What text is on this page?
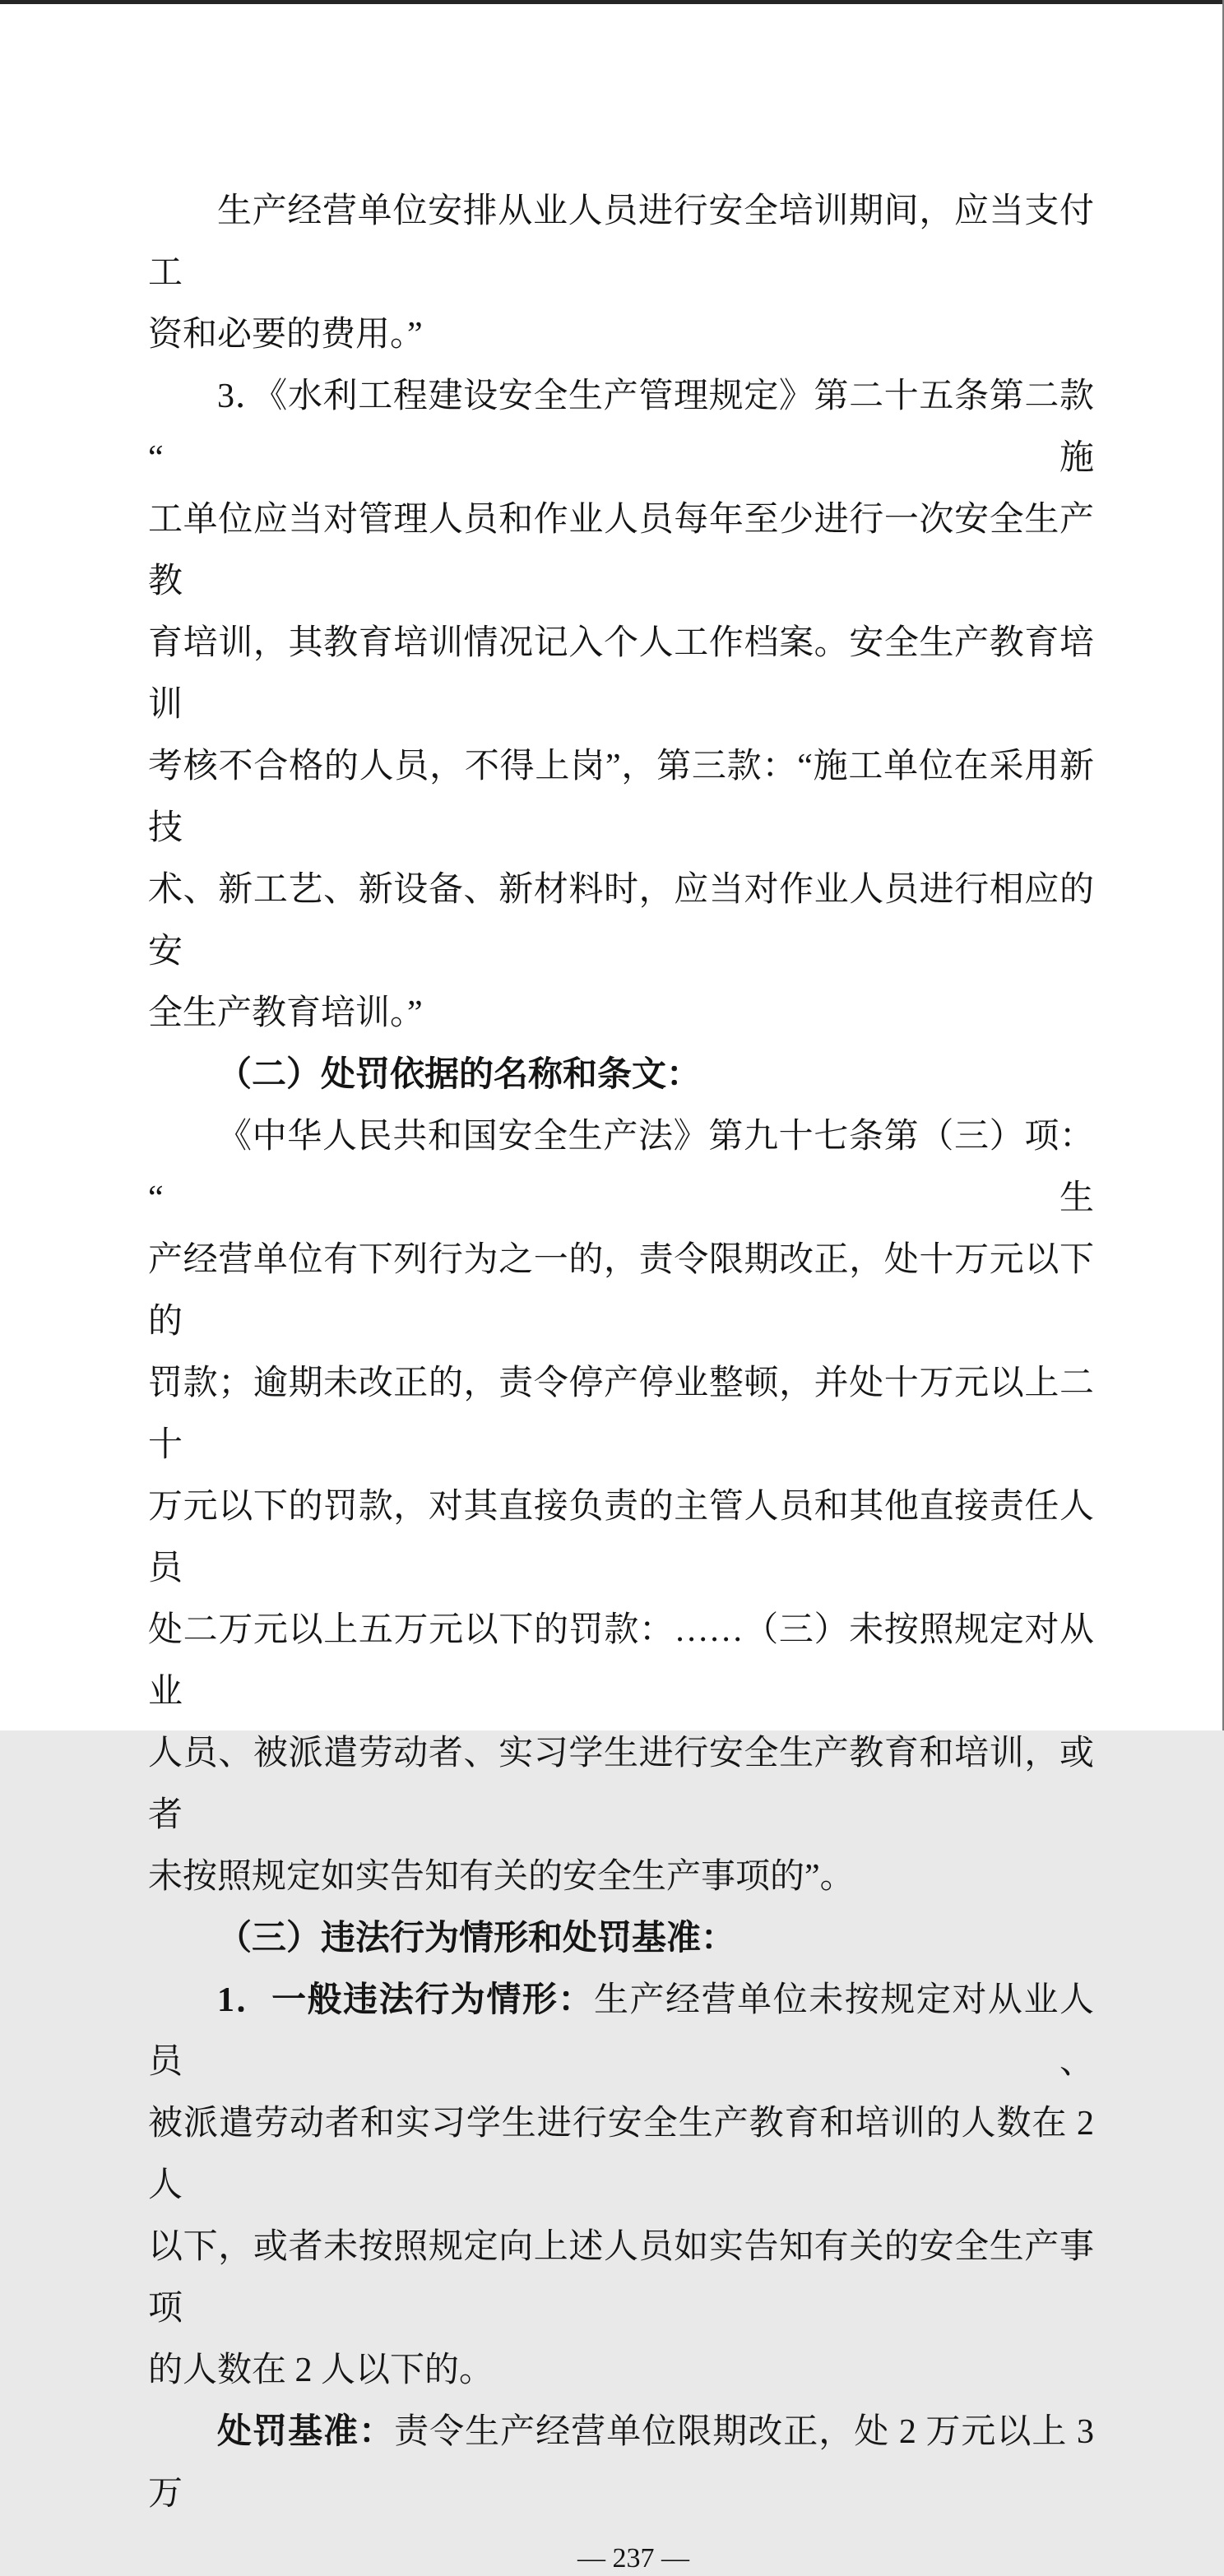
生产经营单位安排从业人员进行安全培训期间，应当支付工
资和必要的费用。”
3．《水利工程建设安全生产管理规定》第二十五条第二款“施
工单位应当对管理人员和作业人员每年至少进行一次安全生产教
育培训，其教育培训情况记入个人工作档案。安全生产教育培训
考核不合格的人员，不得上岗”，第三款：“施工单位在采用新技
术、新工艺、新设备、新材料时，应当对作业人员进行相应的安
全生产教育培训。”
（二）处罚依据的名称和条文：
《中华人民共和国安全生产法》第九十七条第（三）项：“生
产经营单位有下列行为之一的，责令限期改正，处十万元以下的
罚款；逾期未改正的，责令停产停业整顿，并处十万元以上二十
万元以下的罚款，对其直接负责的主管人员和其他直接责任人员
处二万元以上五万元以下的罚款：……（三）未按照规定对从业
人员、被派遣劳动者、实习学生进行安全生产教育和培训，或者
未按照规定如实告知有关的安全生产事项的”。
（三）违法行为情形和处罚基准：
1．一般违法行为情形：生产经营单位未按规定对从业人员、
被派遣劳动者和实习学生进行安全生产教育和培训的人数在 2 人
以下，或者未按照规定向上述人员如实告知有关的安全生产事项
的人数在 2 人以下的。
处罚基准：责令生产经营单位限期改正，处 2 万元以上 3 万
— 237 —
